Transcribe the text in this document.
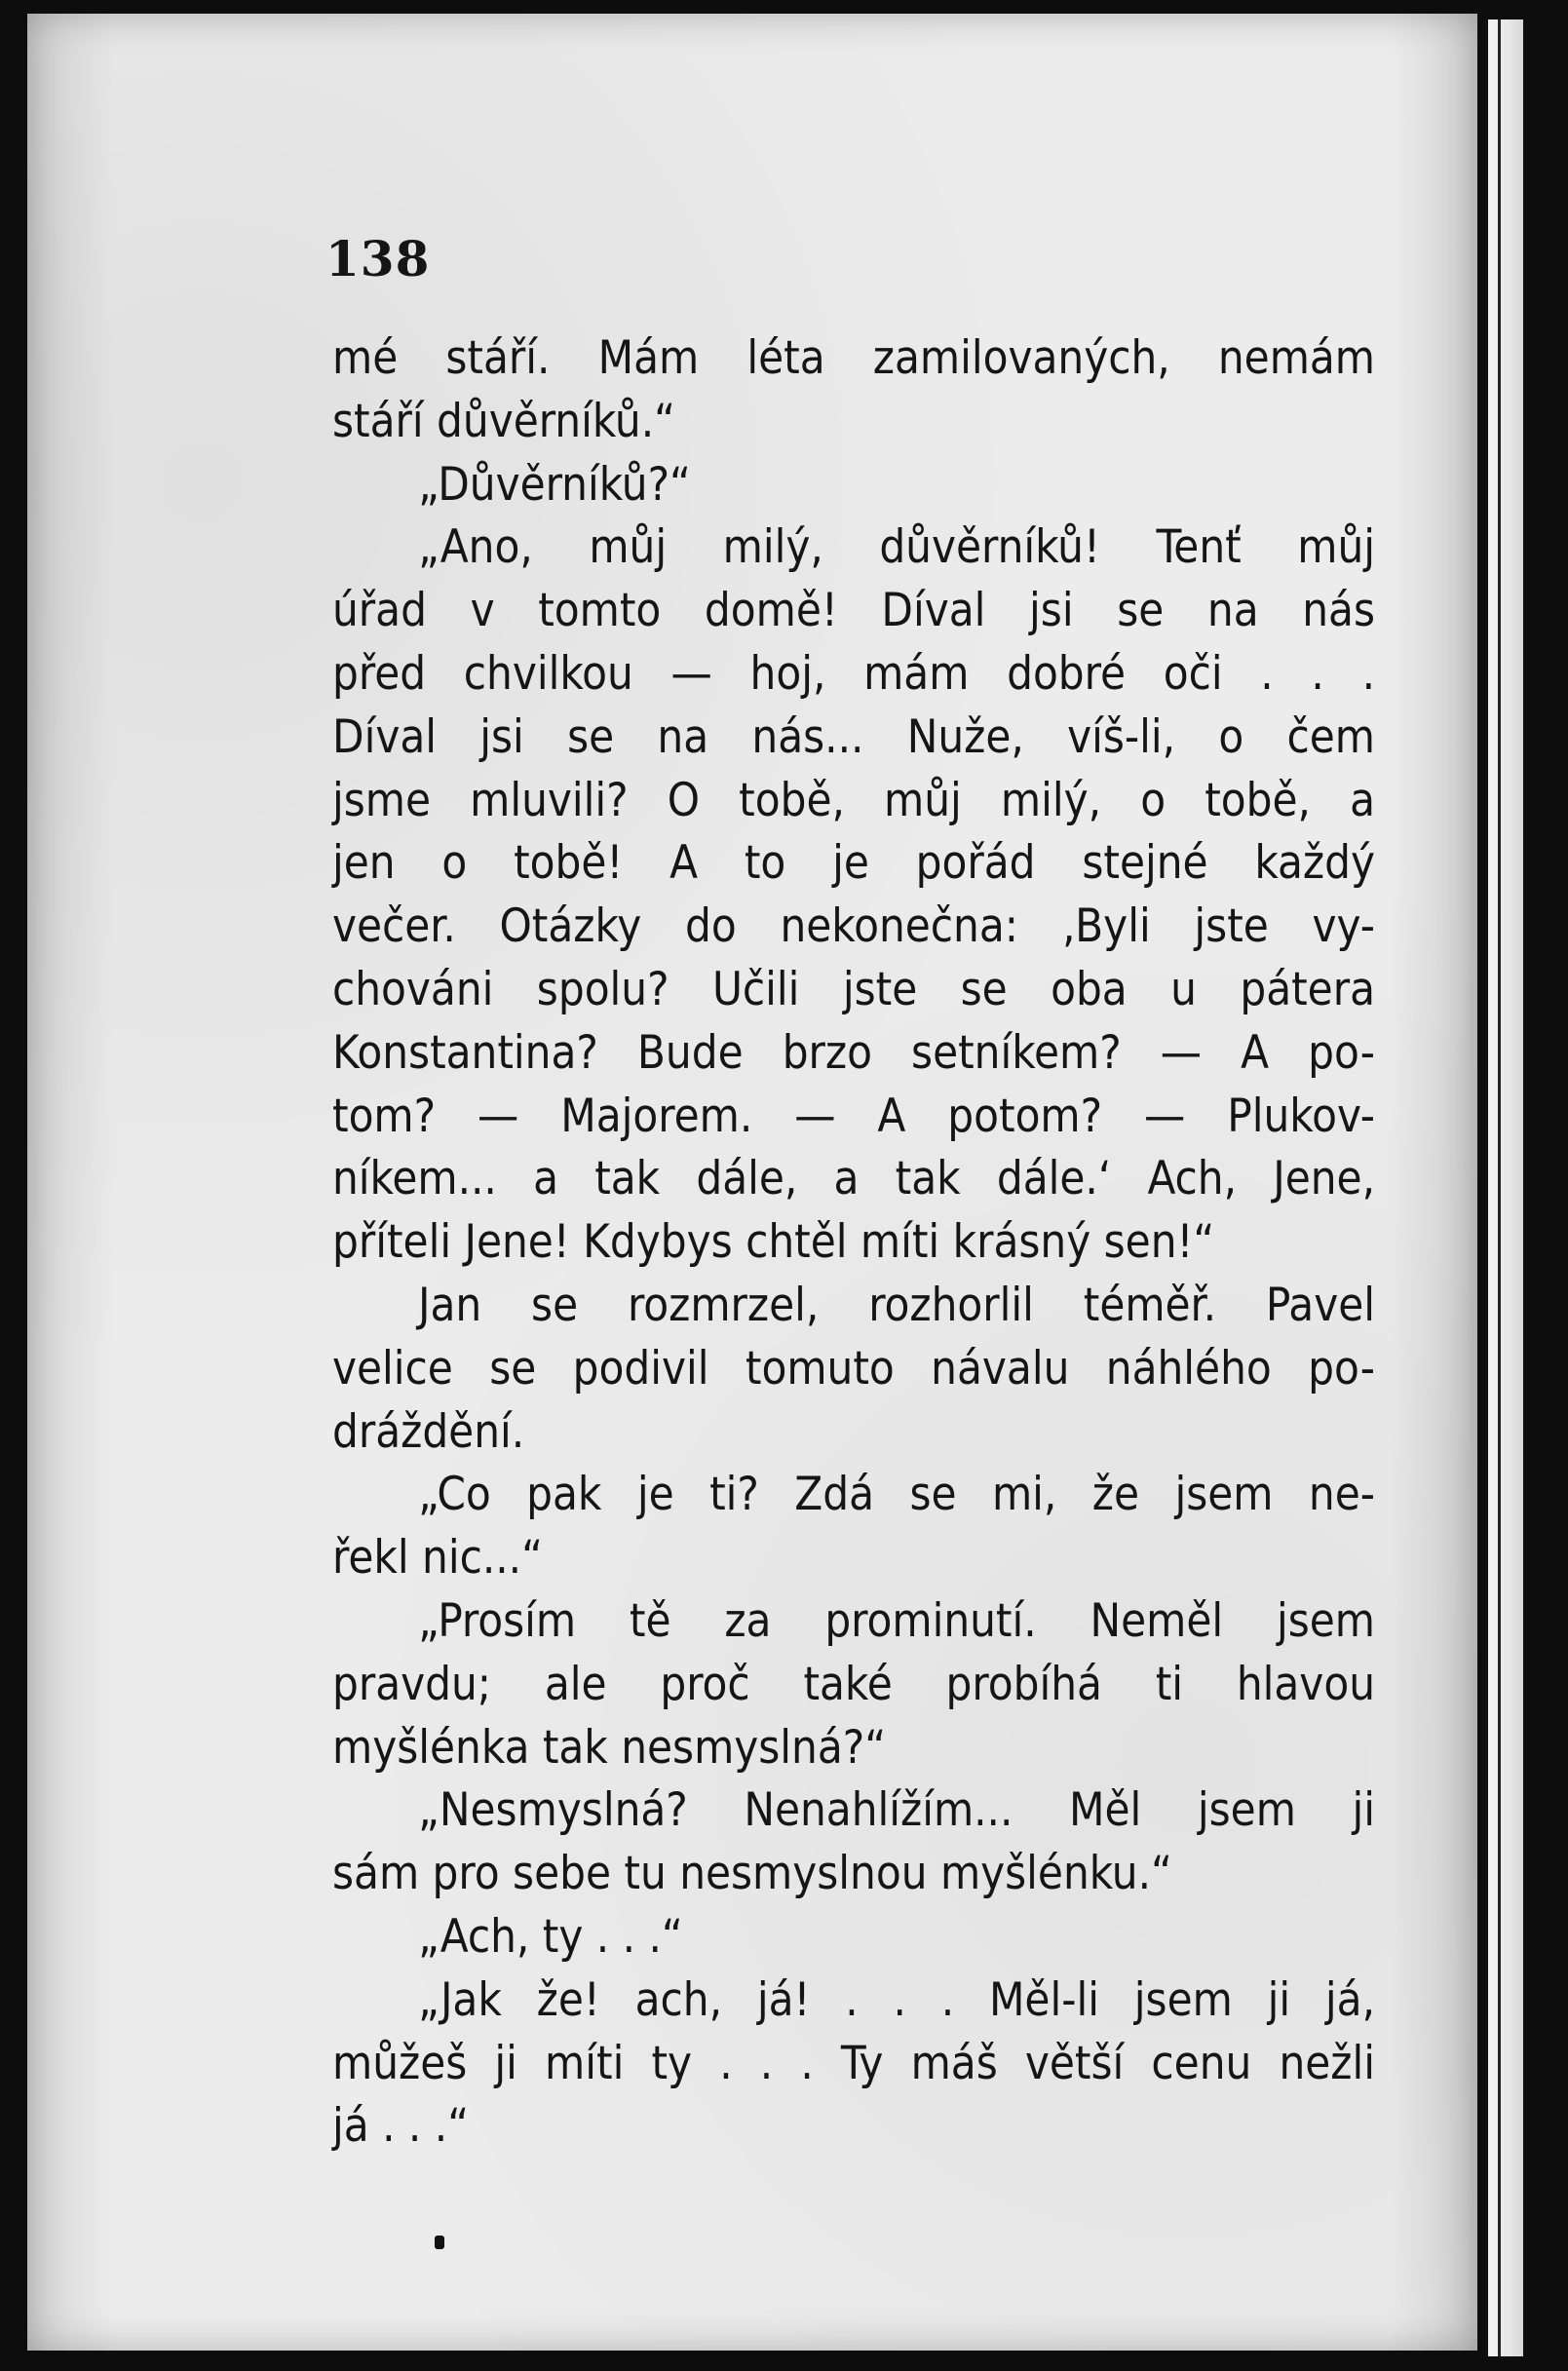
138
mé stáří. Mám léta zamilovaných, nemám
stáří důvěrníků.“
„Důvěrníků?“
„Ano, můj milý, důvěrníků! Tenť můj
úřad v tomto domě! Díval jsi se na nás
před chvilkou — hoj, mám dobré oči . . .
Díval jsi se na nás... Nuže, víš-li, o čem
jsme mluvili? O tobě, můj milý, o tobě, a
jen o tobě! A to je pořád stejné každý
večer. Otázky do nekonečna: ‚Byli jste vy-
chováni spolu? Učili jste se oba u pátera
Konstantina? Bude brzo setníkem? — A po-
tom? — Majorem. — A potom? — Plukov-
níkem... a tak dále, a tak dále.‘ Ach, Jene,
příteli Jene! Kdybys chtěl míti krásný sen!“
Jan se rozmrzel, rozhorlil téměř. Pavel
velice se podivil tomuto návalu náhlého po-
dráždění.
„Co pak je ti? Zdá se mi, že jsem ne-
řekl nic...“
„Prosím tě za prominutí. Neměl jsem
pravdu; ale proč také probíhá ti hlavou
myšlénka tak nesmyslná?“
„Nesmyslná? Nenahlížím... Měl jsem ji
sám pro sebe tu nesmyslnou myšlénku.“
„Ach, ty . . .“
„Jak že! ach, já! . . . Měl-li jsem ji já,
můžeš ji míti ty . . . Ty máš větší cenu nežli
já . . .“
